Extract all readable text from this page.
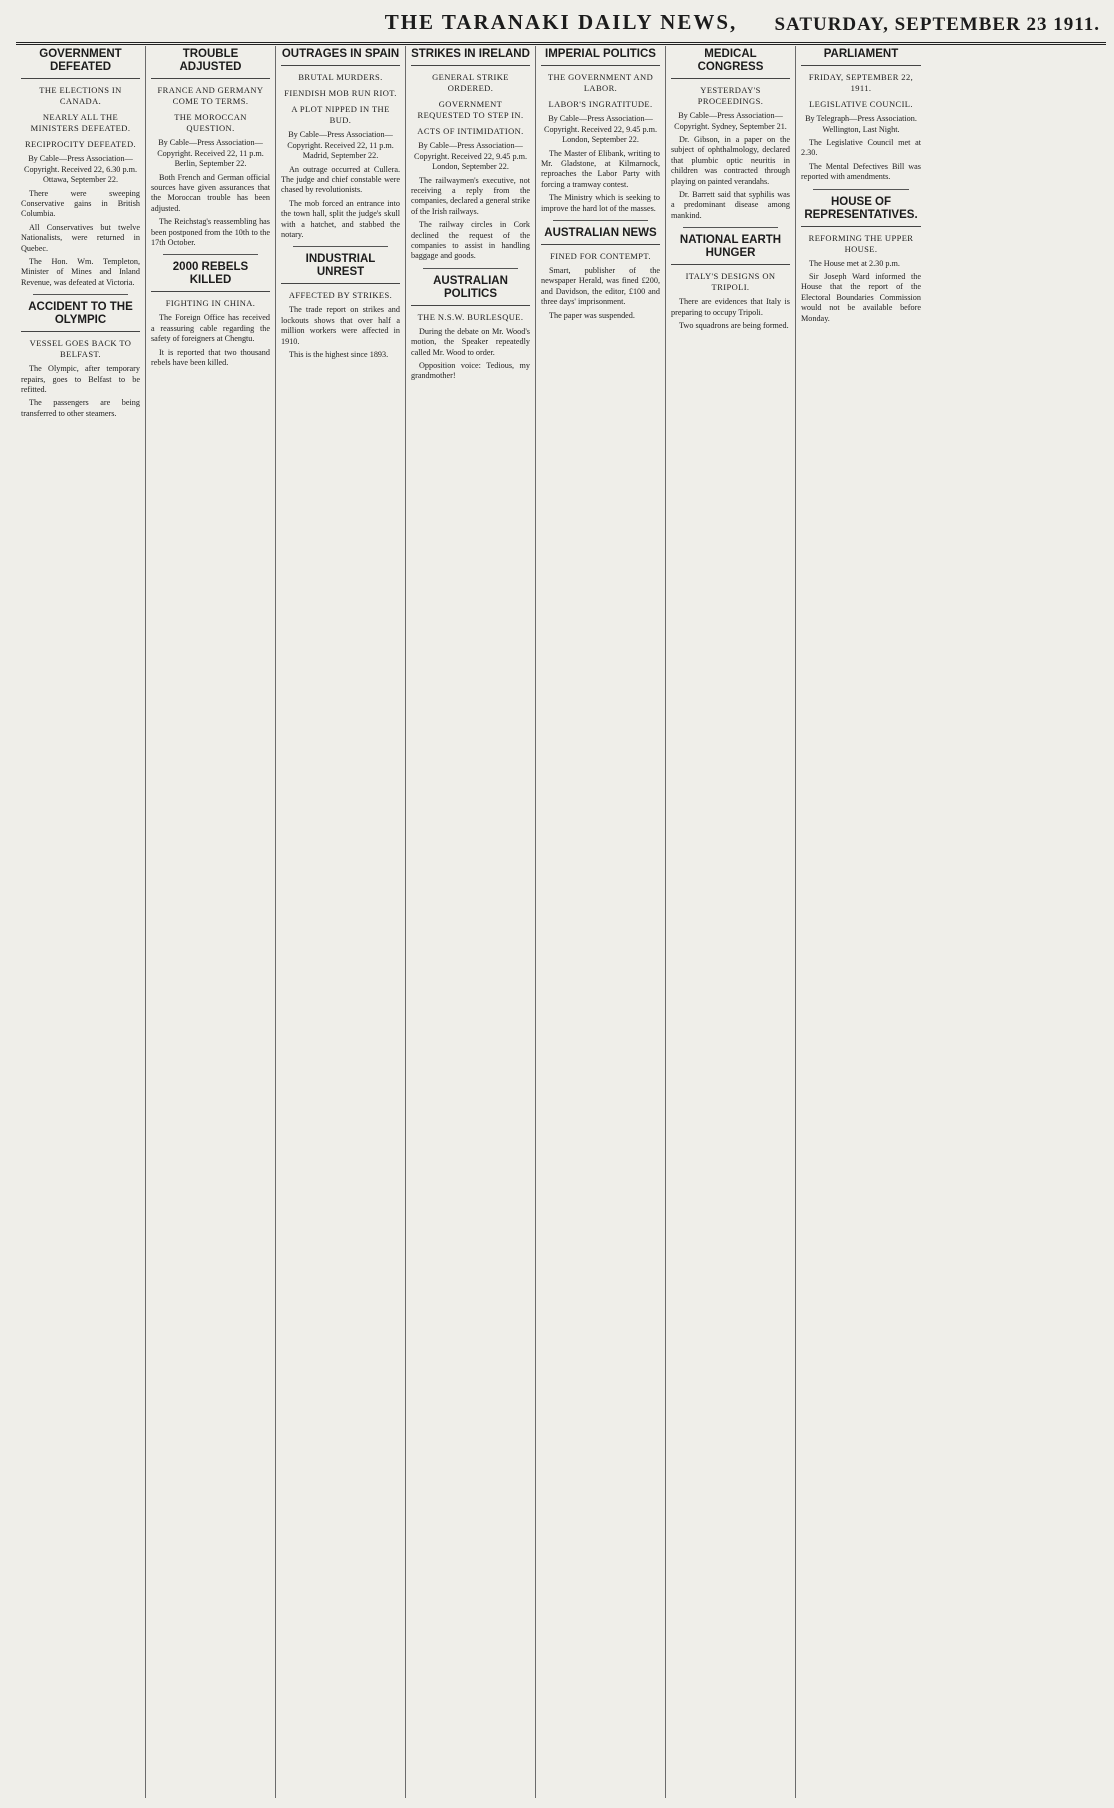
THE TARANAKI DAILY NEWS,	SATURDAY, SEPTEMBER 23 1911.
GOVERNMENT DEFEATED
THE ELECTIONS IN CANADA.
NEARLY ALL THE MINISTERS DEFEATED.
RECIPROCITY DEFEATED.
By Cable—Press Association—Copyright. Received 22, 6.30 p.m. Ottawa, September 22.

There were sweeping Conservative gains in British Columbia.

All Conservatives but twelve Nationalists, were returned in Quebec.

The Hon. Wm. Templeton, Minister of Mines and Inland Revenue, was defeated at Victoria.

ACCIDENT TO THE OLYMPIC
VESSEL GOES BACK TO BELFAST.

The Olympic, after temporary repairs, goes to Belfast to be refitted.

The passengers are being transferred to other steamers.

TROUBLE ADJUSTED
FRANCE AND GERMANY COME TO TERMS.
THE MOROCCAN QUESTION.
By Cable—Press Association—Copyright. Received 22, 11 p.m. Berlin, September 22.

Both French and German official sources have given assurances that the Moroccan trouble has been adjusted.

The Reichstag's reassembling has been postponed from the 10th to the 17th October.

2000 REBELS KILLED
FIGHTING IN CHINA.

The Foreign Office has received a reassuring cable regarding the safety of foreigners at Chengtu.

It is reported that two thousand rebels have been killed.

OUTRAGES IN SPAIN
BRUTAL MURDERS.
FIENDISH MOB RUN RIOT.
A PLOT NIPPED IN THE BUD.
By Cable—Press Association—Copyright. Received 22, 11 p.m. Madrid, September 22.

An outrage occurred at Cullera. The judge and chief constable were chased by revolutionists.

The mob forced an entrance into the town hall, split the judge's skull with a hatchet, and stabbed the notary.

INDUSTRIAL UNREST
AFFECTED BY STRIKES.

The trade report on strikes and lockouts shows that over half a million workers were affected in 1910.

This is the highest since 1893.

STRIKES IN IRELAND
GENERAL STRIKE ORDERED.
GOVERNMENT REQUESTED TO STEP IN.
ACTS OF INTIMIDATION.
By Cable—Press Association—Copyright. Received 22, 9.45 p.m. London, September 22.

The railwaymen's executive, not receiving a reply from the companies, declared a general strike of the Irish railways.

The railway circles in Cork declined the request of the companies to assist in handling baggage and goods.

AUSTRALIAN POLITICS
THE N.S.W. BURLESQUE.

During the debate on Mr. Wood's motion, the Speaker repeatedly called Mr. Wood to order.

Opposition voice: Tedious, my grandmother!

IMPERIAL POLITICS
THE GOVERNMENT AND LABOR.
LABOR'S INGRATITUDE.
By Cable—Press Association—Copyright. Received 22, 9.45 p.m. London, September 22.

The Master of Elibank, writing to Mr. Gladstone, at Kilmarnock, reproaches the Labor Party with forcing a tramway contest.

The Ministry which is seeking to improve the hard lot of the masses.

AUSTRALIAN NEWS
FINED FOR CONTEMPT.

Smart, publisher of the newspaper Herald, was fined £200, and Davidson, the editor, £100 and three days' imprisonment.

The paper was suspended.

MEDICAL CONGRESS
YESTERDAY'S PROCEEDINGS.
By Cable—Press Association—Copyright. Sydney, September 21.

Dr. Gibson, in a paper on the subject of ophthalmology, declared that plumbic optic neuritis in children was contracted through playing on painted verandahs.

Dr. Barrett said that syphilis was a predominant disease among mankind.

NATIONAL EARTH HUNGER
ITALY'S DESIGNS ON TRIPOLI.

There are evidences that Italy is preparing to occupy Tripoli.

Two squadrons are being formed.

PARLIAMENT
FRIDAY, SEPTEMBER 22, 1911.
LEGISLATIVE COUNCIL.
By Telegraph—Press Association. Wellington, Last Night.

The Legislative Council met at 2.30.

The Mental Defectives Bill was reported with amendments.

HOUSE OF REPRESENTATIVES.
REFORMING THE UPPER HOUSE.

The House met at 2.30 p.m.

Sir Joseph Ward informed the House that the report of the Electoral Boundaries Commission would not be available before Monday.
